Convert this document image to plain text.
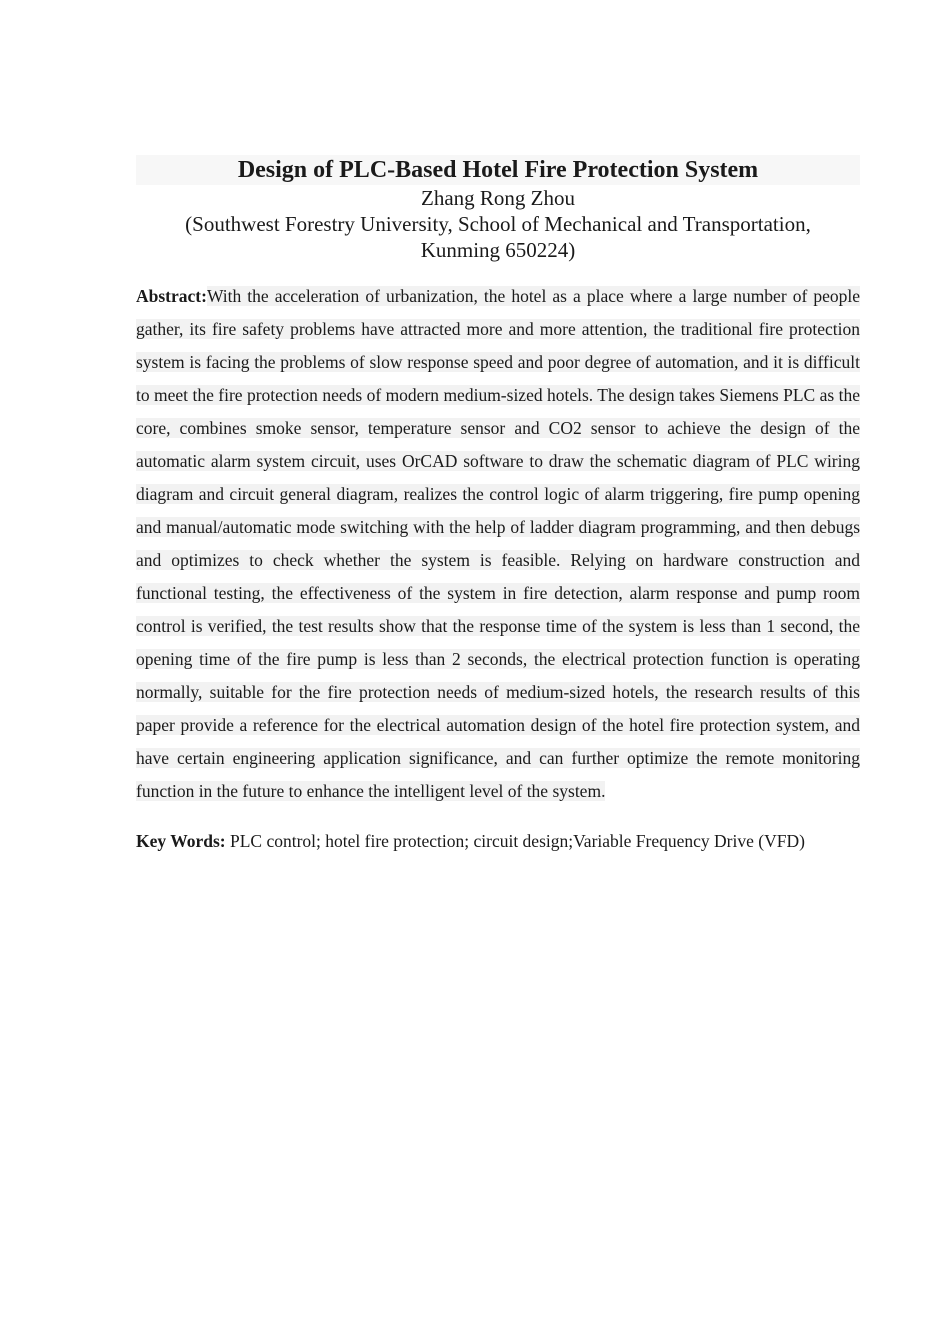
Design of PLC-Based Hotel Fire Protection System

Zhang Rong Zhou

(Southwest Forestry University, School of Mechanical and Transportation, Kunming 650224)

Abstract:With the acceleration of urbanization, the hotel as a place where a large number of people gather, its fire safety problems have attracted more and more attention, the traditional fire protection system is facing the problems of slow response speed and poor degree of automation, and it is difficult to meet the fire protection needs of modern medium-sized hotels. The design takes Siemens PLC as the core, combines smoke sensor, temperature sensor and CO2 sensor to achieve the design of the automatic alarm system circuit, uses OrCAD software to draw the schematic diagram of PLC wiring diagram and circuit general diagram, realizes the control logic of alarm triggering, fire pump opening and manual/automatic mode switching with the help of ladder diagram programming, and then debugs and optimizes to check whether the system is feasible. Relying on hardware construction and functional testing, the effectiveness of the system in fire detection, alarm response and pump room control is verified, the test results show that the response time of the system is less than 1 second, the opening time of the fire pump is less than 2 seconds, the electrical protection function is operating normally, suitable for the fire protection needs of medium-sized hotels, the research results of this paper provide a reference for the electrical automation design of the hotel fire protection system, and have certain engineering application significance, and can further optimize the remote monitoring function in the future to enhance the intelligent level of the system.
Key Words: PLC control; hotel fire protection; circuit design;Variable Frequency Drive (VFD)
